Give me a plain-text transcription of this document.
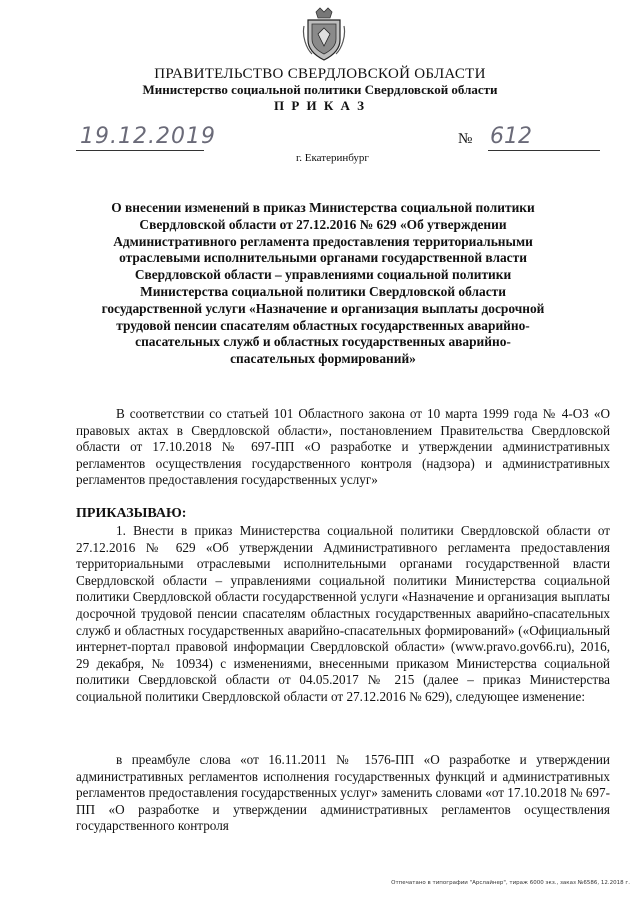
ПРАВИТЕЛЬСТВО СВЕРДЛОВСКОЙ ОБЛАСТИ

Министерство социальной политики Свердловской области

П Р И К А З

19.12.2019	№ 612
г. Екатеринбург

О внесении изменений в приказ Министерства социальной политики Свердловской области от 27.12.2016 № 629 «Об утверждении Административного регламента предоставления территориальными отраслевыми исполнительными органами государственной власти Свердловской области – управлениями социальной политики Министерства социальной политики Свердловской области государственной услуги «Назначение и организация выплаты досрочной трудовой пенсии спасателям областных государственных аварийно-спасательных служб и областных государственных аварийно-спасательных формирований»

В соответствии со статьей 101 Областного закона от 10 марта 1999 года № 4-ОЗ «О правовых актах в Свердловской области», постановлением Правительства Свердловской области от 17.10.2018 № 697-ПП «О разработке и утверждении административных регламентов осуществления государственного контроля (надзора) и административных регламентов предоставления государственных услуг»

ПРИКАЗЫВАЮ:

1. Внести в приказ Министерства социальной политики Свердловской области от 27.12.2016 № 629 «Об утверждении Административного регламента предоставления территориальными отраслевыми исполнительными органами государственной власти Свердловской области – управлениями социальной политики Министерства социальной политики Свердловской области государственной услуги «Назначение и организация выплаты досрочной трудовой пенсии спасателям областных государственных аварийно-спасательных служб и областных государственных аварийно-спасательных формирований» («Официальный интернет-портал правовой информации Свердловской области» (www.pravo.gov66.ru), 2016, 29 декабря, № 10934) с изменениями, внесенными приказом Министерства социальной политики Свердловской области от 04.05.2017 № 215 (далее – приказ Министерства социальной политики Свердловской области от 27.12.2016 № 629), следующее изменение:

в преамбуле слова «от 16.11.2011 № 1576-ПП «О разработке и утверждении административных регламентов исполнения государственных функций и административных регламентов предоставления государственных услуг» заменить словами «от 17.10.2018 № 697-ПП «О разработке и утверждении административных регламентов осуществления государственного контроля

Отпечатано в типографии "Арслайнер", тираж 6000 экз., заказ №6586, 12.2018 г.
